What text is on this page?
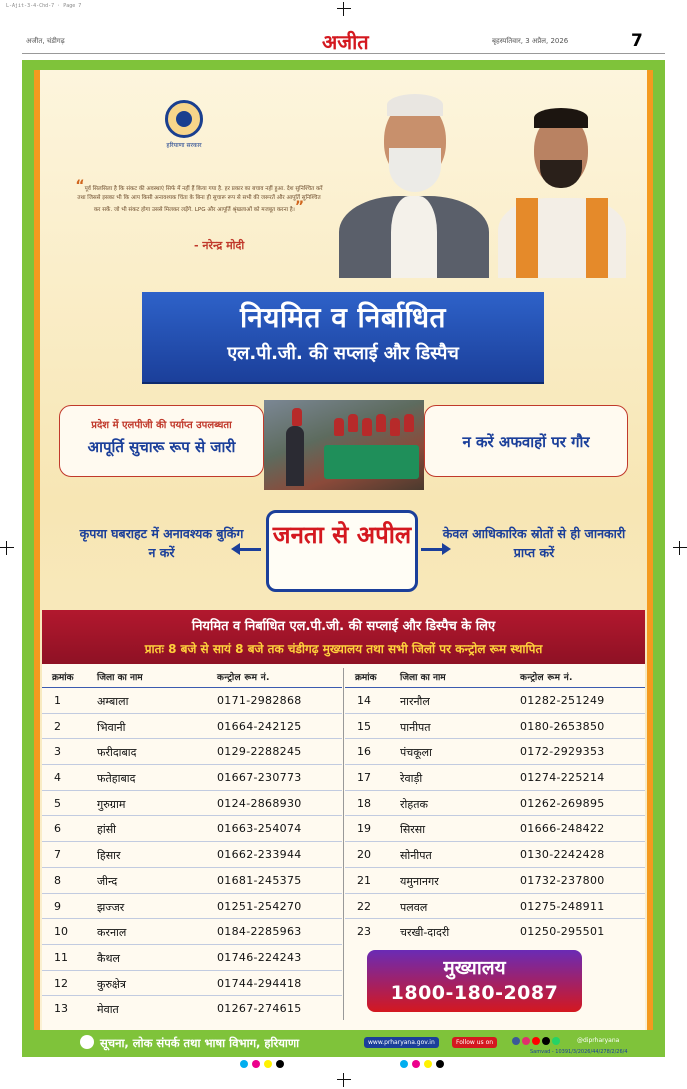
L-Ajit-3-4-Chd-7 · Page 7
अजीत, चंडीगढ़	अजीत	बृहस्पतिवार, 3 अप्रैल, 2026	7
हरियाणा सरकार
“पूर्व सिलसिला है कि संकट की अवस्थाएं सिर्फ में नहीं हैं किया गया है. हर प्रकार का बचाव नहीं हुआ. देश सुनिश्चित करें तथा जिससे इसका भी कि आप किसी अनावश्यक चिंता के बिना ही सुचारू रूप से सभी की जरूरतें और आपूर्ति सुनिश्चित कर सकें. जो भी संकट होगा उससे मिलकर लड़ेंगे. LPG और आपूर्ति श्रृंखलाओं को मजबूत करना है।”
- नरेन्द्र मोदी
नियमित व निर्बाधित
एल.पी.जी. की सप्लाई और डिस्पैच
प्रदेश में एलपीजी की पर्याप्त उपलब्धता
आपूर्ति सुचारू रूप से जारी	न करें अफवाहों पर गौर
कृपया घबराहट में अनावश्यक बुकिंग न करें
जनता से अपील	केवल आधिकारिक स्रोतों से ही जानकारी प्राप्त करें
नियमित व निर्बाधित एल.पी.जी. की सप्लाई और डिस्पैच के लिए
प्रातः 8 बजे से सायं 8 बजे तक चंडीगढ़ मुख्यालय तथा सभी जिलों पर कन्ट्रोल रूम स्थापित
क्रमांक	जिला का नाम	कन्ट्रोल रूम नं.
1	अम्बाला	0171-2982868
2	भिवानी	01664-242125
3	फरीदाबाद	0129-2288245
4	फतेहाबाद	01667-230773
5	गुरुग्राम	0124-2868930
6	हांसी	01663-254074
7	हिसार	01662-233944
8	जीन्द	01681-245375
9	झज्जर	01251-254270
10	करनाल	0184-2285963
11	कैथल	01746-224243
12	कुरुक्षेत्र	01744-294418
13	मेवात	01267-274615
क्रमांक	जिला का नाम	कन्ट्रोल रूम नं.
14	नारनौल	01282-251249
15	पानीपत	0180-2653850
16	पंचकूला	0172-2929353
17	रेवाड़ी	01274-225214
18	रोहतक	01262-269895
19	सिरसा	01666-248422
20	सोनीपत	0130-2242428
21	यमुनानगर	01732-237800
22	पलवल	01275-248911
23	चरखी-दादरी	01250-295501
मुख्यालय
1800-180-2087
सूचना, लोक संपर्क तथा भाषा विभाग, हरियाणा	www.prharyana.gov.in	Follow us on	@diprharyana
Samvad - 10391/3/2026/44/278/2/26/4
